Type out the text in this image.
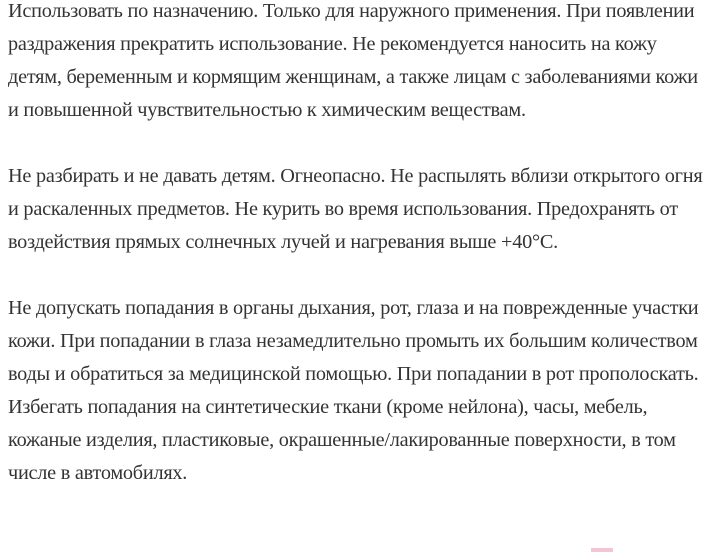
Использовать по назначению. Только для наружного применения. При появлении раздражения прекратить использование. Не рекомендуется наносить на кожу детям, беременным и кормящим женщинам, а также лицам с заболеваниями кожи и повышенной чувствительностью к химическим веществам.

Не разбирать и не давать детям. Огнеопасно. Не распылять вблизи открытого огня и раскаленных предметов. Не курить во время использования. Предохранять от воздействия прямых солнечных лучей и нагревания выше +40°C.

Не допускать попадания в органы дыхания, рот, глаза и на поврежденные участки кожи. При попадании в глаза незамедлительно промыть их большим количеством воды и обратиться за медицинской помощью. При попадании в рот прополоскать. Избегать попадания на синтетические ткани (кроме нейлона), часы, мебель, кожаные изделия, пластиковые, окрашенные/лакированные поверхности, в том числе в автомобилях.
